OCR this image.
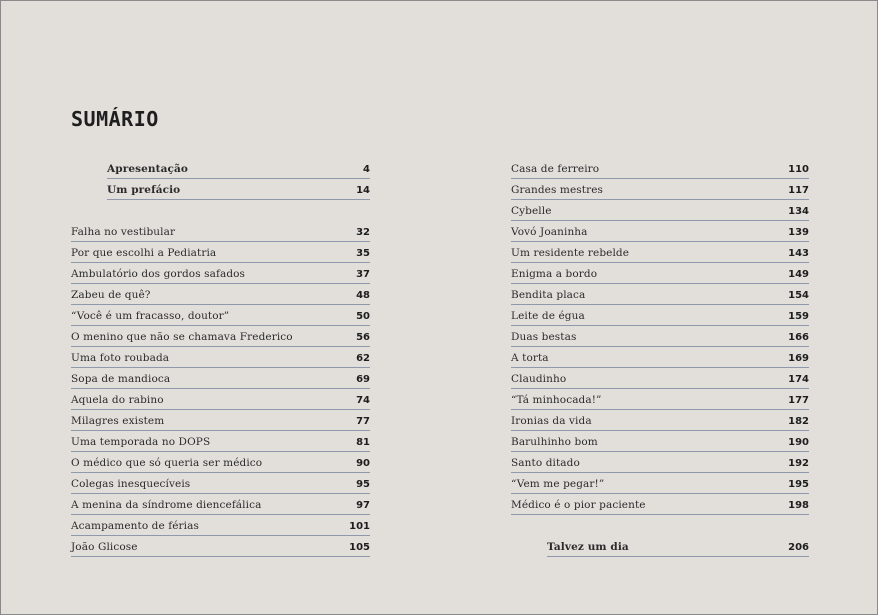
SUMÁRIO
Apresentação	4
Um prefácio	14
Falha no vestibular	32
Por que escolhi a Pediatria	35
Ambulatório dos gordos safados	37
Zabeu de quê?	48
“Você é um fracasso, doutor”	50
O menino que não se chamava Frederico	56
Uma foto roubada	62
Sopa de mandioca	69
Aquela do rabino	74
Milagres existem	77
Uma temporada no DOPS	81
O médico que só queria ser médico	90
Colegas inesquecíveis	95
A menina da síndrome diencefálica	97
Acampamento de férias	101
João Glicose	105
Casa de ferreiro	110
Grandes mestres	117
Cybelle	134
Vovó Joaninha	139
Um residente rebelde	143
Enigma a bordo	149
Bendita placa	154
Leite de égua	159
Duas bestas	166
A torta	169
Claudinho	174
“Tá minhocada!”	177
Ironias da vida	182
Barulhinho bom	190
Santo ditado	192
“Vem me pegar!”	195
Médico é o pior paciente	198
Talvez um dia	206
